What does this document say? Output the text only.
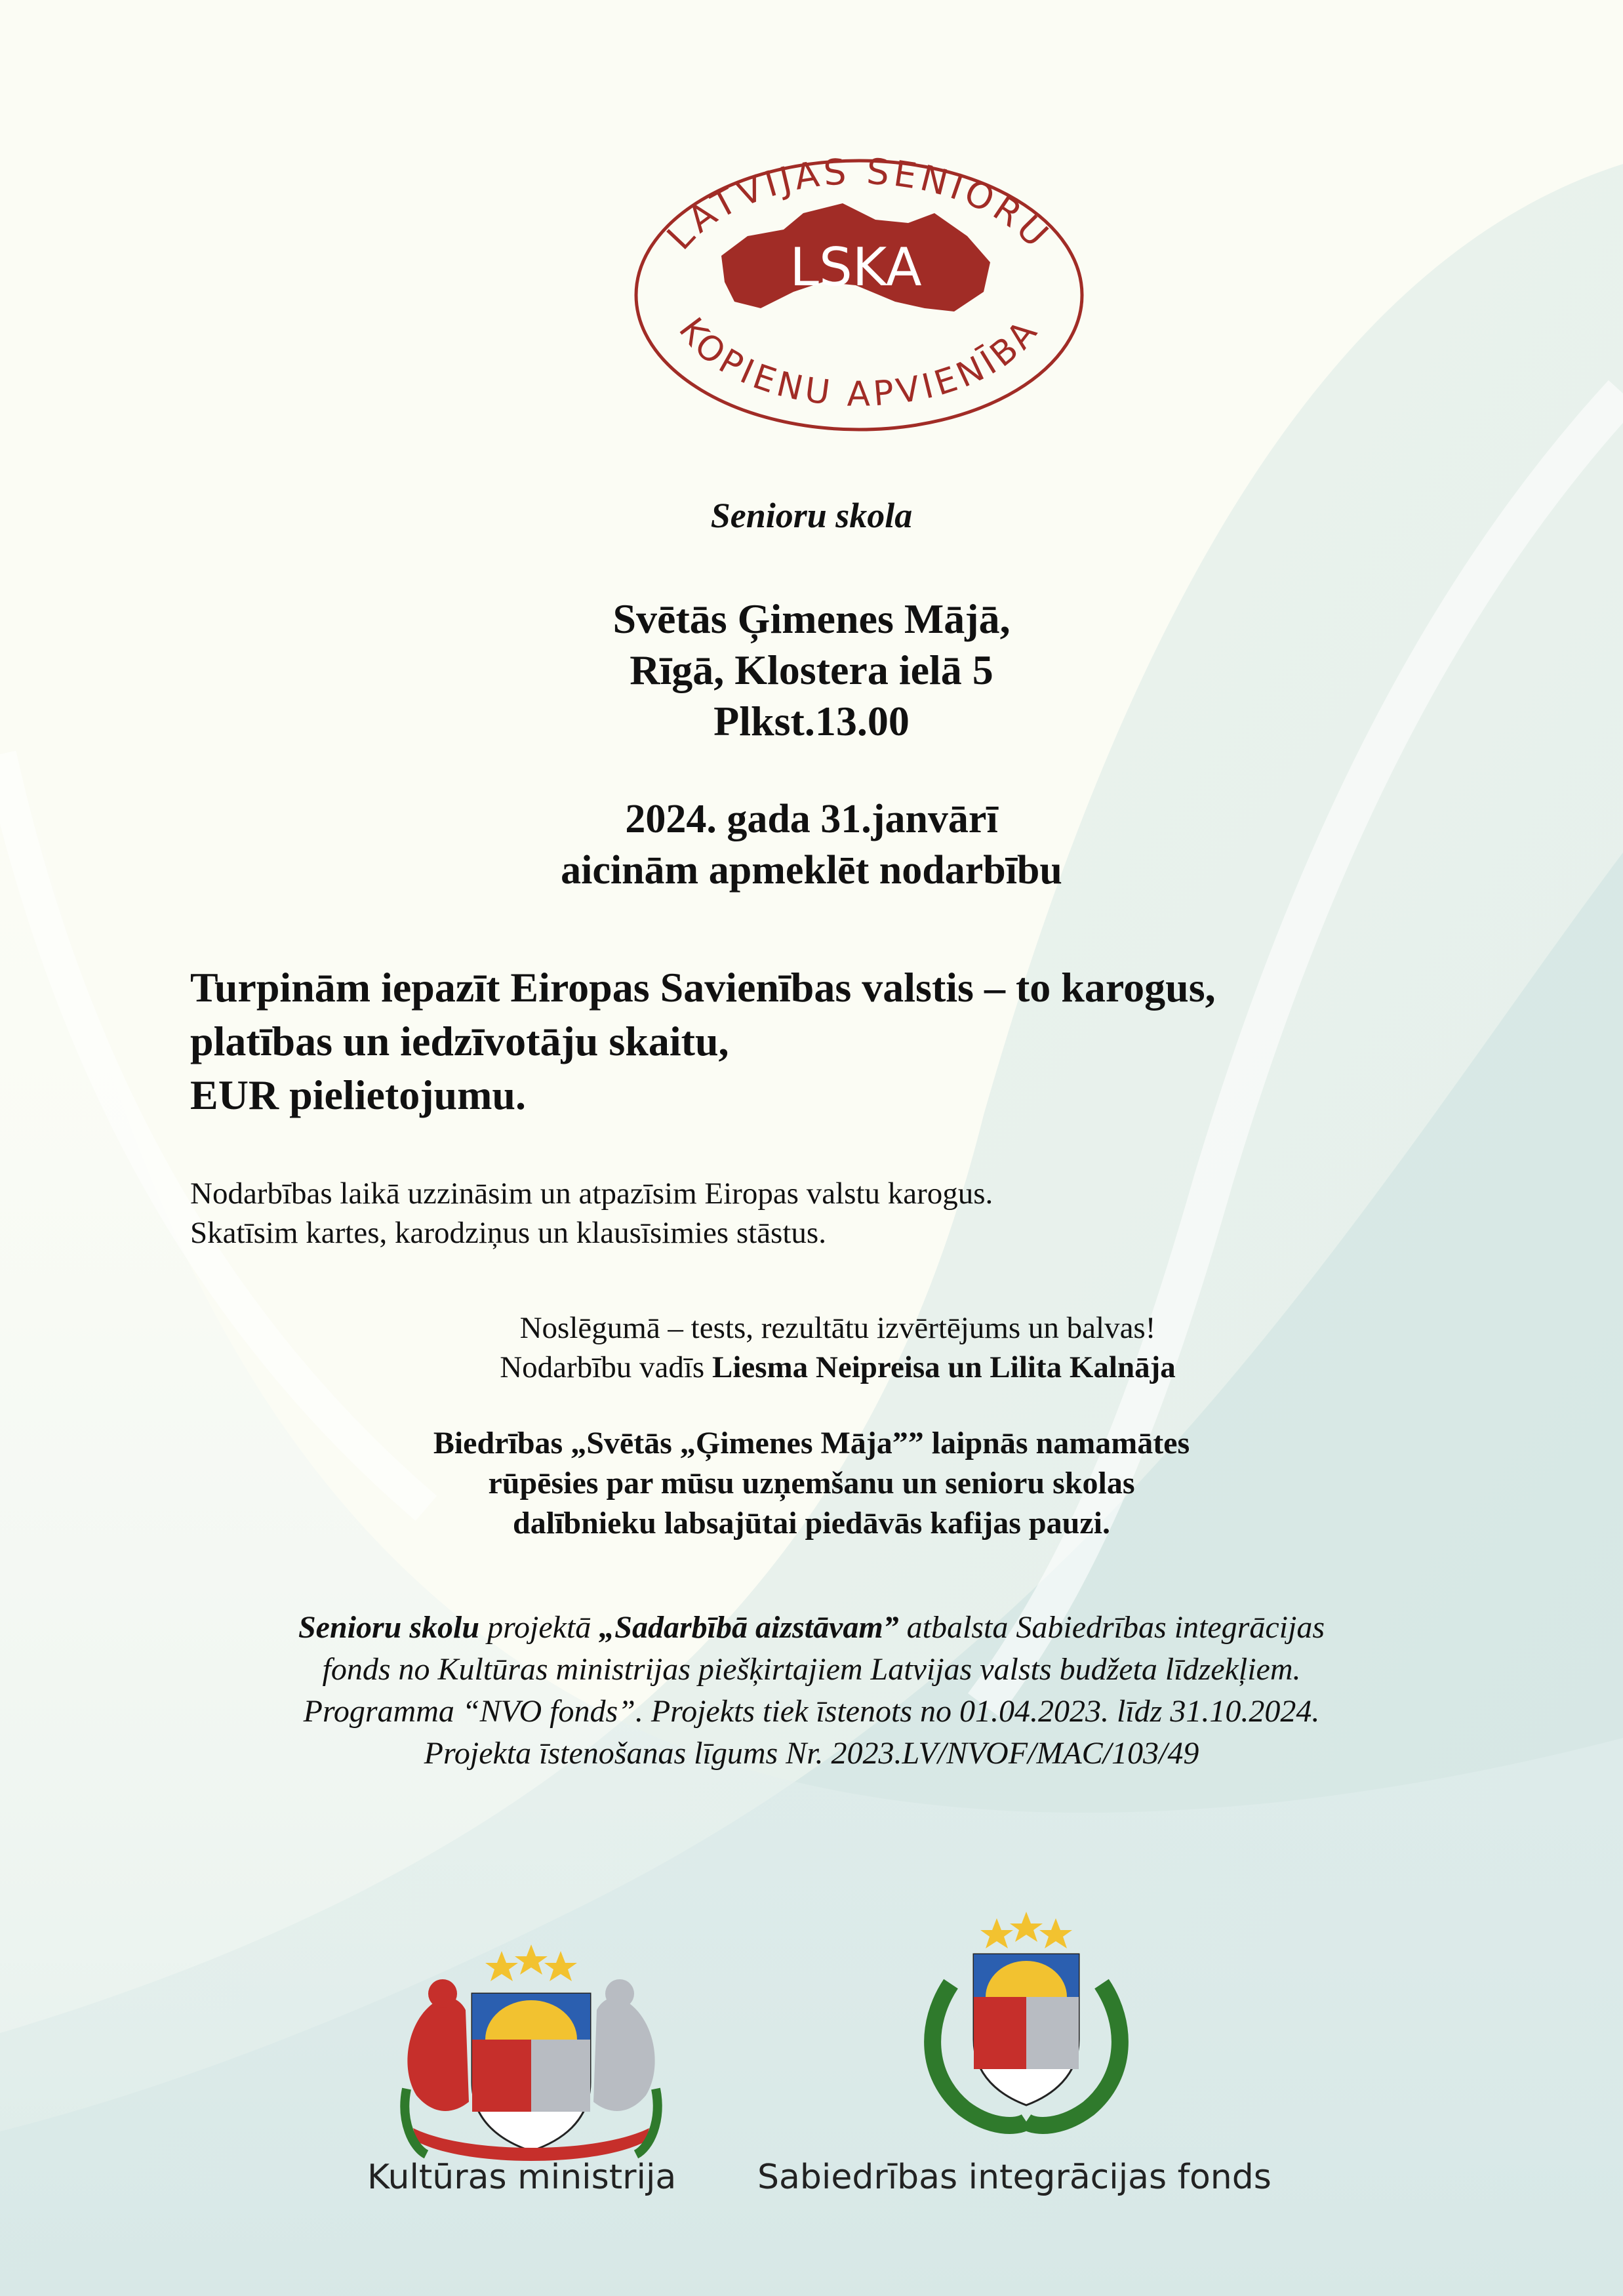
LATVIJAS SENIORU
KOPIENU APVIENĪBA
LSKA
Senioru skola
Svētās Ģimenes Mājā,
Rīgā, Klostera ielā 5
Plkst.13.00
2024. gada 31.janvārī
aicinām apmeklēt nodarbību
Turpinām iepazīt Eiropas Savienības valstis – to karogus,
platības un iedzīvotāju skaitu,
EUR pielietojumu.
Nodarbības laikā uzzināsim un atpazīsim Eiropas valstu karogus.
Skatīsim kartes, karodziņus un klausīsimies stāstus.
Noslēgumā – tests, rezultātu izvērtējums un balvas!
Nodarbību vadīs Liesma Neipreisa un Lilita Kalnāja
Biedrības „Svētās „Ģimenes Māja”” laipnās namamātes
rūpēsies par mūsu uzņemšanu un senioru skolas
dalībnieku labsajūtai piedāvās kafijas pauzi.
Senioru skolu projektā „Sadarbībā aizstāvam” atbalsta Sabiedrības integrācijas
fonds no Kultūras ministrijas piešķirtajiem Latvijas valsts budžeta līdzekļiem.
Programma “NVO fonds”. Projekts tiek īstenots no 01.04.2023. līdz 31.10.2024.
Projekta īstenošanas līgums Nr. 2023.LV/NVOF/MAC/103/49
Kultūras ministrija Sabiedrības integrācijas fonds
